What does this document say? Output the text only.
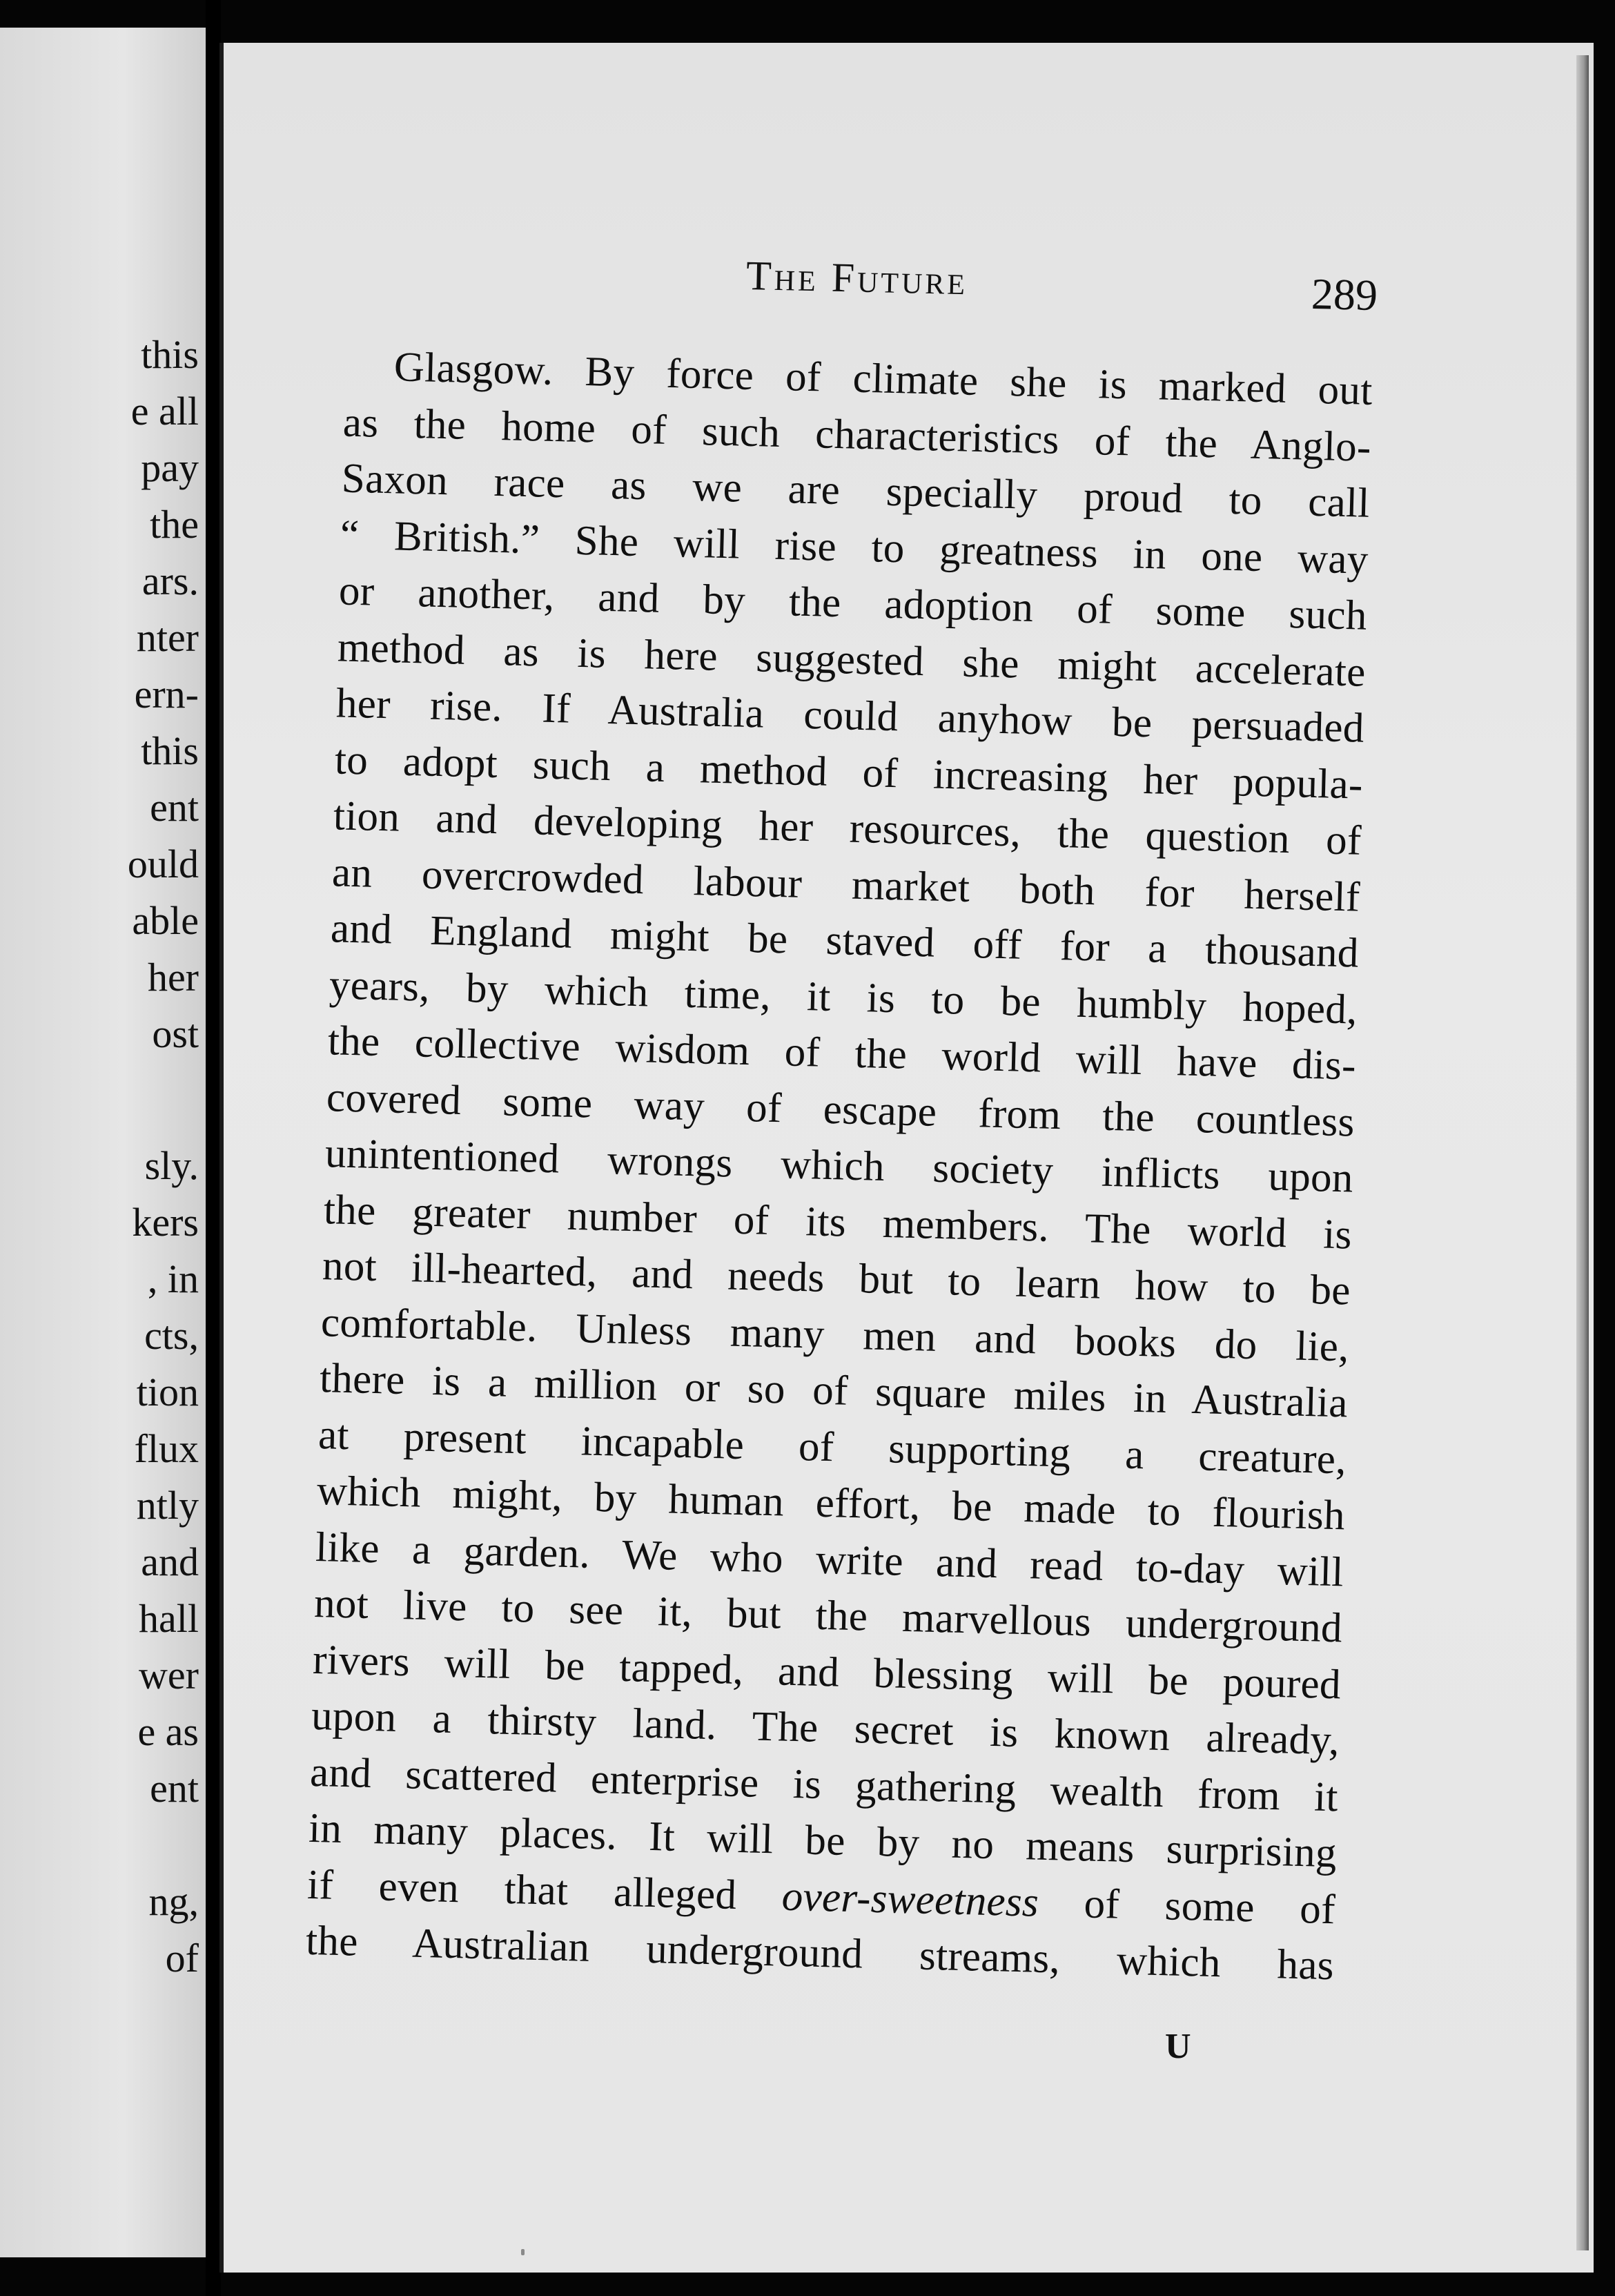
this
e all
pay
the
ars.
nter
ern-
this
ent
ould
able
her
ost
sly.
kers
, in
cts,
tion
flux
ntly
and
hall
wer
e as
ent
ng,
of
The Future	289
Glasgow. By force of climate she is marked out
as the home of such characteristics of the Anglo-
Saxon race as we are specially proud to call
“ British.” She will rise to greatness in one way
or another, and by the adoption of some such
method as is here suggested she might accelerate
her rise. If Australia could anyhow be persuaded
to adopt such a method of increasing her popula-
tion and developing her resources, the question of
an overcrowded labour market both for herself
and England might be staved off for a thousand
years, by which time, it is to be humbly hoped,
the collective wisdom of the world will have dis-
covered some way of escape from the countless
unintentioned wrongs which society inflicts upon
the greater number of its members. The world is
not ill-hearted, and needs but to learn how to be
comfortable. Unless many men and books do lie,
there is a million or so of square miles in Australia
at present incapable of supporting a creature,
which might, by human effort, be made to flourish
like a garden. We who write and read to-day will
not live to see it, but the marvellous underground
rivers will be tapped, and blessing will be poured
upon a thirsty land. The secret is known already,
and scattered enterprise is gathering wealth from it
in many places. It will be by no means surprising
if even that alleged over-sweetness of some of
the Australian underground streams, which has
U
